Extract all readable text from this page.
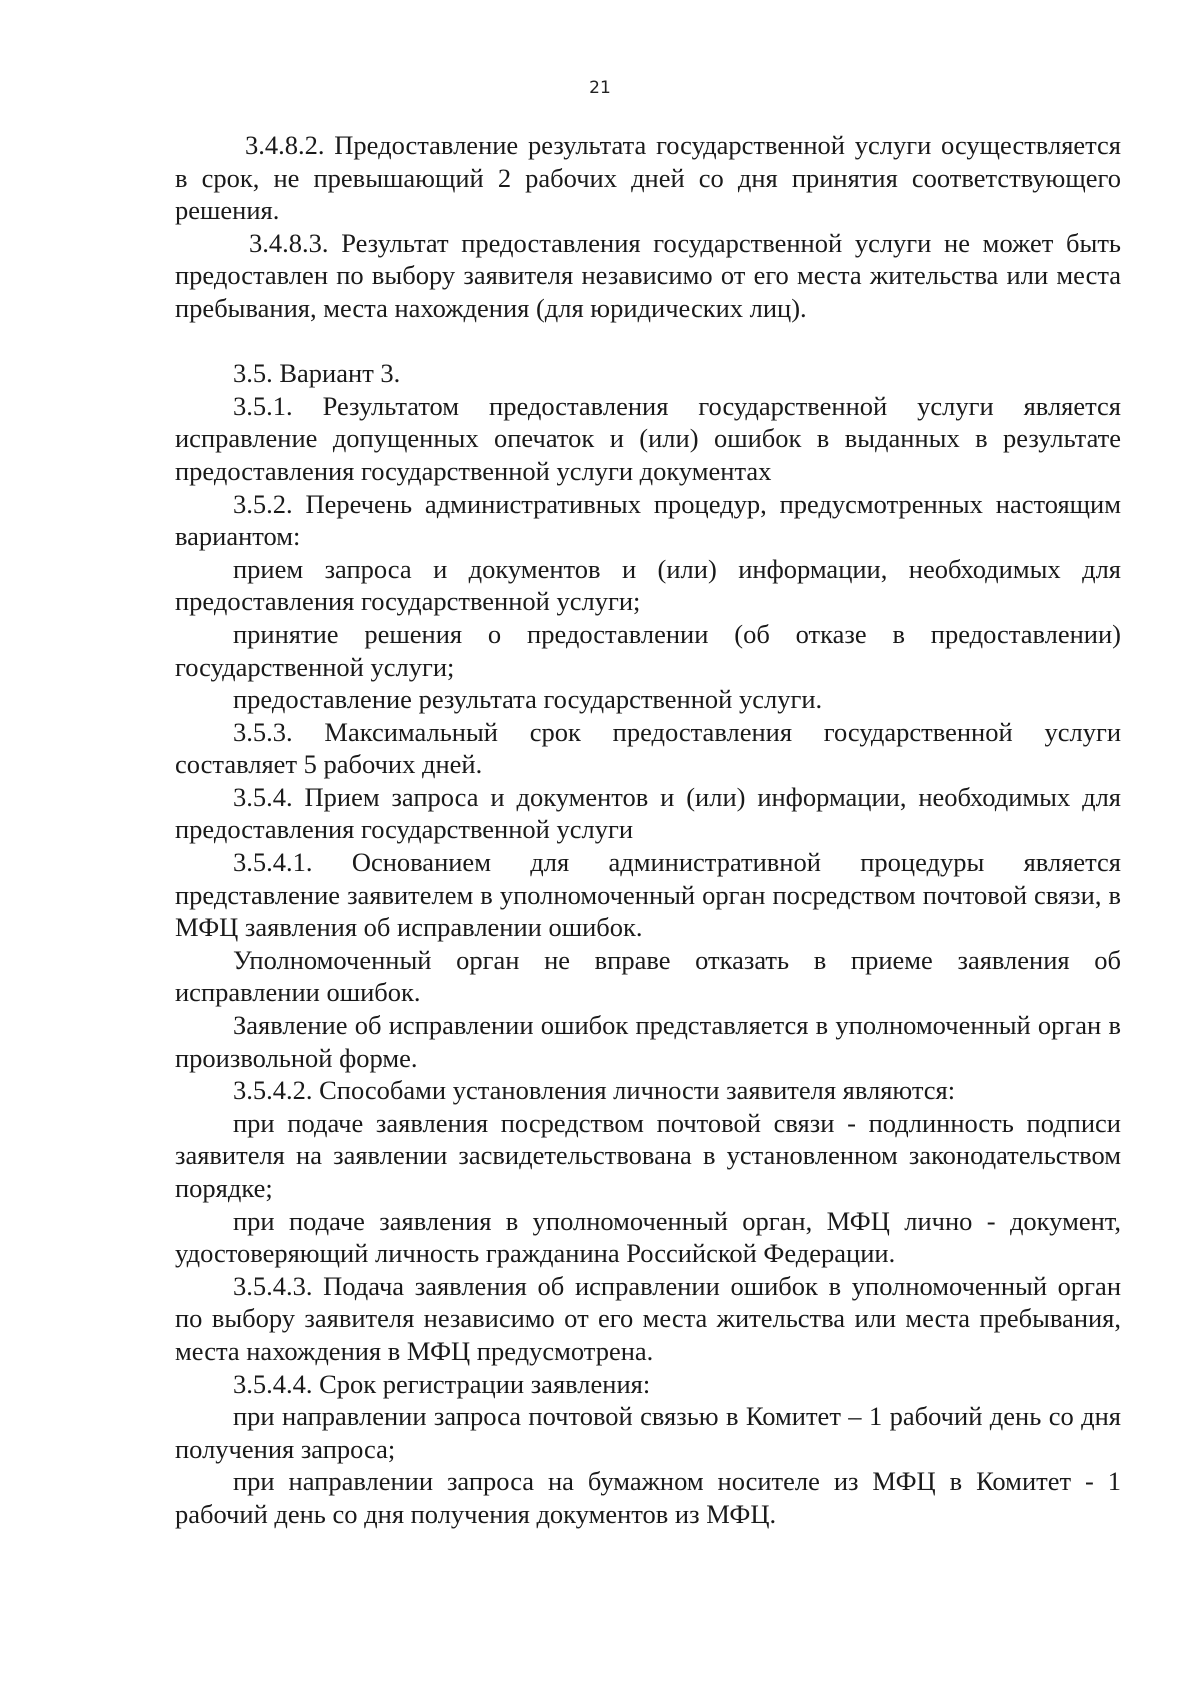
21

3.4.8.2. Предоставление результата государственной услуги осуществляется в срок, не превышающий 2 рабочих дней со дня принятия соответствующего решения.

3.4.8.3. Результат предоставления государственной услуги не может быть предоставлен по выбору заявителя независимо от его места жительства или места пребывания, места нахождения (для юридических лиц).

3.5. Вариант 3.

3.5.1. Результатом предоставления государственной услуги является исправление допущенных опечаток и (или) ошибок в выданных в результате предоставления государственной услуги документах

3.5.2. Перечень административных процедур, предусмотренных настоящим вариантом:

прием запроса и документов и (или) информации, необходимых для предоставления государственной услуги;

принятие решения о предоставлении (об отказе в предоставлении) государственной услуги;

предоставление результата государственной услуги.

3.5.3. Максимальный срок предоставления государственной услуги составляет 5 рабочих дней.

3.5.4. Прием запроса и документов и (или) информации, необходимых для предоставления государственной услуги

3.5.4.1. Основанием для административной процедуры является представление заявителем в уполномоченный орган посредством почтовой связи, в МФЦ заявления об исправлении ошибок.

Уполномоченный орган не вправе отказать в приеме заявления об исправлении ошибок.

Заявление об исправлении ошибок представляется в уполномоченный орган в произвольной форме.

3.5.4.2. Способами установления личности заявителя являются:

при подаче заявления посредством почтовой связи - подлинность подписи заявителя на заявлении засвидетельствована в установленном законодательством порядке;

при подаче заявления в уполномоченный орган, МФЦ лично - документ, удостоверяющий личность гражданина Российской Федерации.

3.5.4.3. Подача заявления об исправлении ошибок в уполномоченный орган по выбору заявителя независимо от его места жительства или места пребывания, места нахождения в МФЦ предусмотрена.

3.5.4.4. Срок регистрации заявления:

при направлении запроса почтовой связью в Комитет – 1 рабочий день со дня получения запроса;

при направлении запроса на бумажном носителе из МФЦ в Комитет - 1 рабочий день со дня получения документов из МФЦ.
